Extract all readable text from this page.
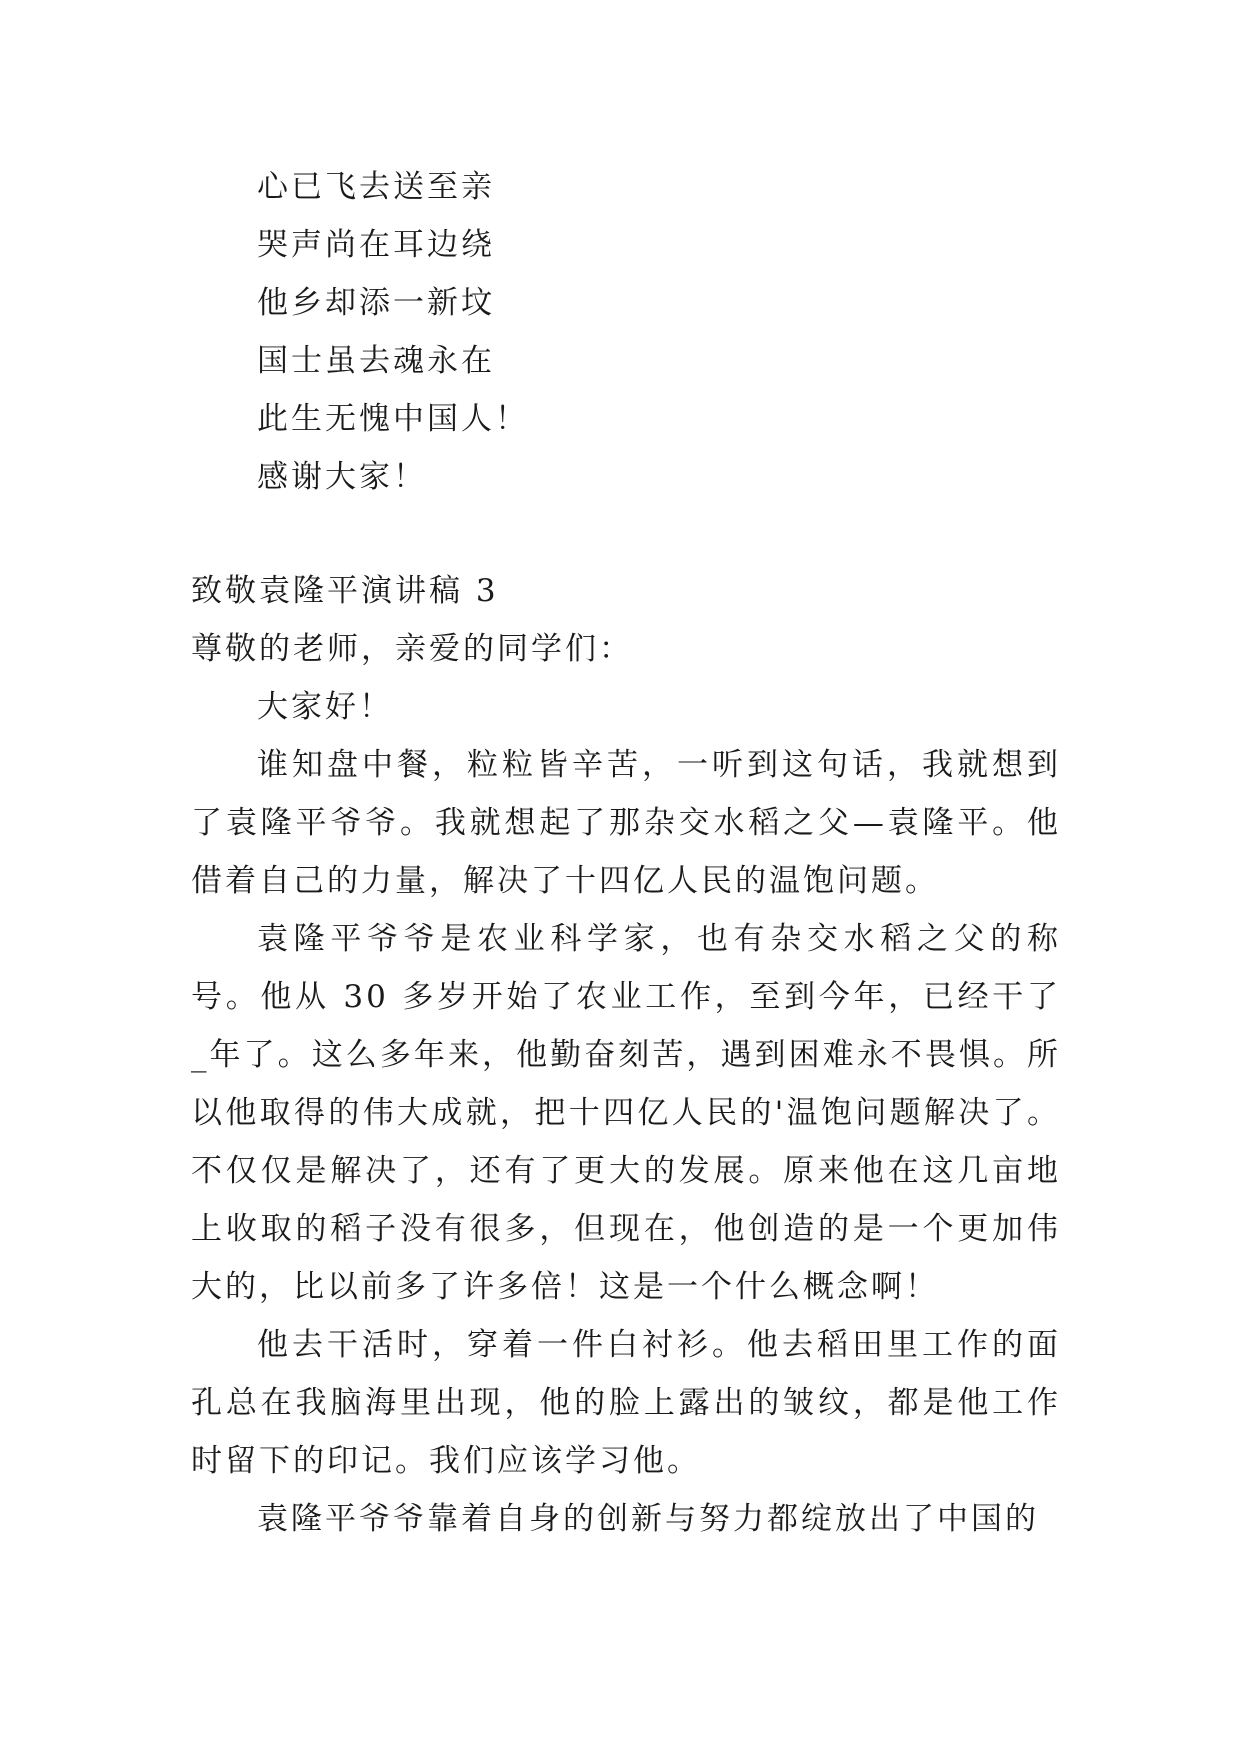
心已飞去送至亲
哭声尚在耳边绕
他乡却添一新坟
国士虽去魂永在
此生无愧中国人！
感谢大家！
致敬袁隆平演讲稿 3
尊敬的老师，亲爱的同学们：

大家好！

谁知盘中餐，粒粒皆辛苦，一听到这句话，我就想到了袁隆平爷爷。我就想起了那杂交水稻之父—袁隆平。他借着自己的力量，解决了十四亿人民的温饱问题。

袁隆平爷爷是农业科学家，也有杂交水稻之父的称号。他从 30 多岁开始了农业工作，至到今年，已经干了_年了。这么多年来，他勤奋刻苦，遇到困难永不畏惧。所以他取得的伟大成就，把十四亿人民的'温饱问题解决了。不仅仅是解决了，还有了更大的发展。原来他在这几亩地上收取的稻子没有很多，但现在，他创造的是一个更加伟大的，比以前多了许多倍！这是一个什么概念啊！

他去干活时，穿着一件白衬衫。他去稻田里工作的面孔总在我脑海里出现，他的脸上露出的皱纹，都是他工作时留下的印记。我们应该学习他。

袁隆平爷爷靠着自身的创新与努力都绽放出了中国的
